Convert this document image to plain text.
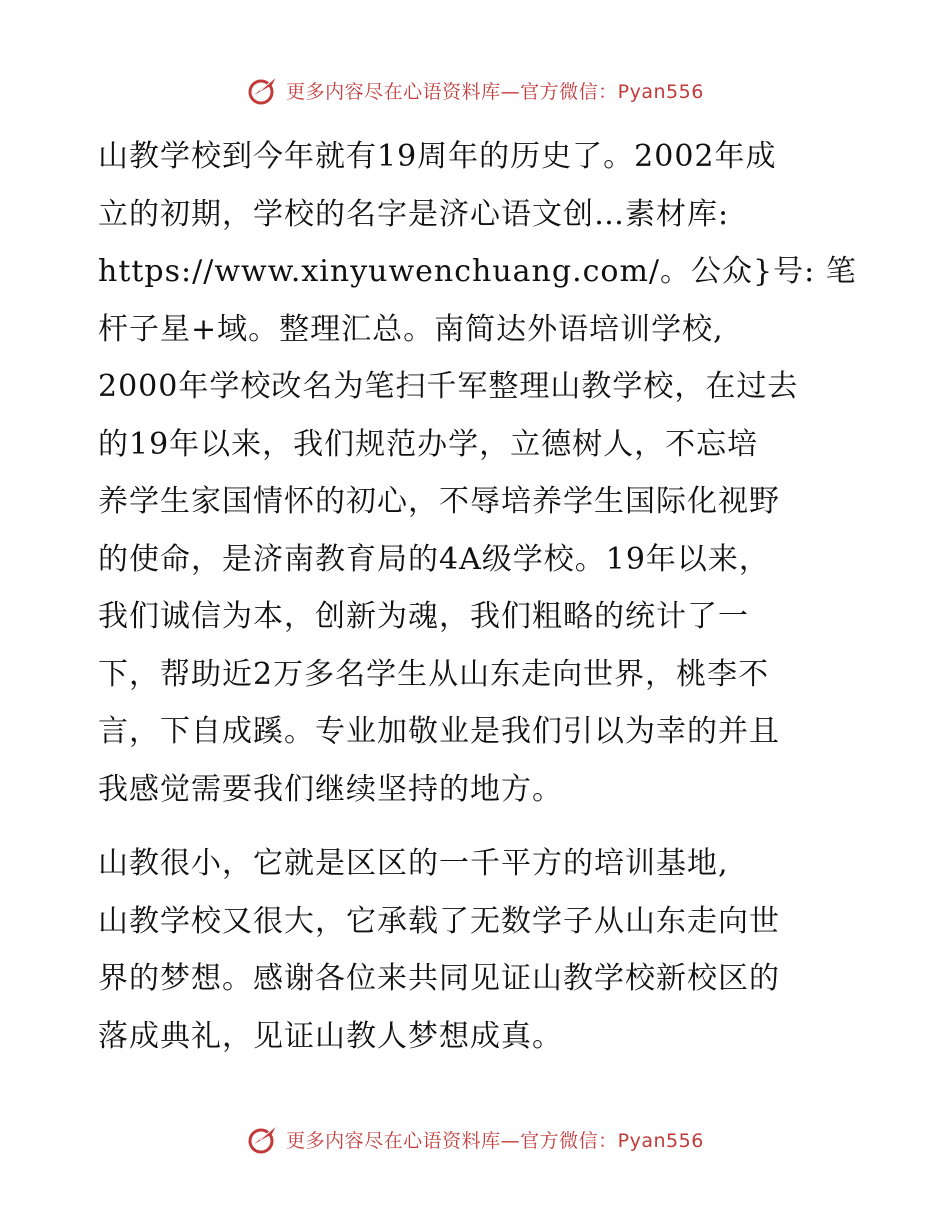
更多内容尽在心语资料库—官方微信：Pyan556

山教学校到今年就有19周年的历史了。2002年成
立的初期，学校的名字是济心语文创…素材库:
https://www.xinyuwenchuang.com/。公众}号: 笔
杆子星+域。整理汇总。南简达外语培训学校,
2000年学校改名为笔扫千军整理山教学校，在过去
的19年以来，我们规范办学，立德树人，不忘培
养学生家国情怀的初心，不辱培养学生国际化视野
的使命，是济南教育局的4A级学校。19年以来，
我们诚信为本，创新为魂，我们粗略的统计了一
下，帮助近2万多名学生从山东走向世界，桃李不
言，下自成蹊。专业加敬业是我们引以为幸的并且
我感觉需要我们继续坚持的地方。

山教很小，它就是区区的一千平方的培训基地,
山教学校又很大，它承载了无数学子从山东走向世
界的梦想。感谢各位来共同见证山教学校新校区的
落成典礼，见证山教人梦想成真。

更多内容尽在心语资料库—官方微信：Pyan556
